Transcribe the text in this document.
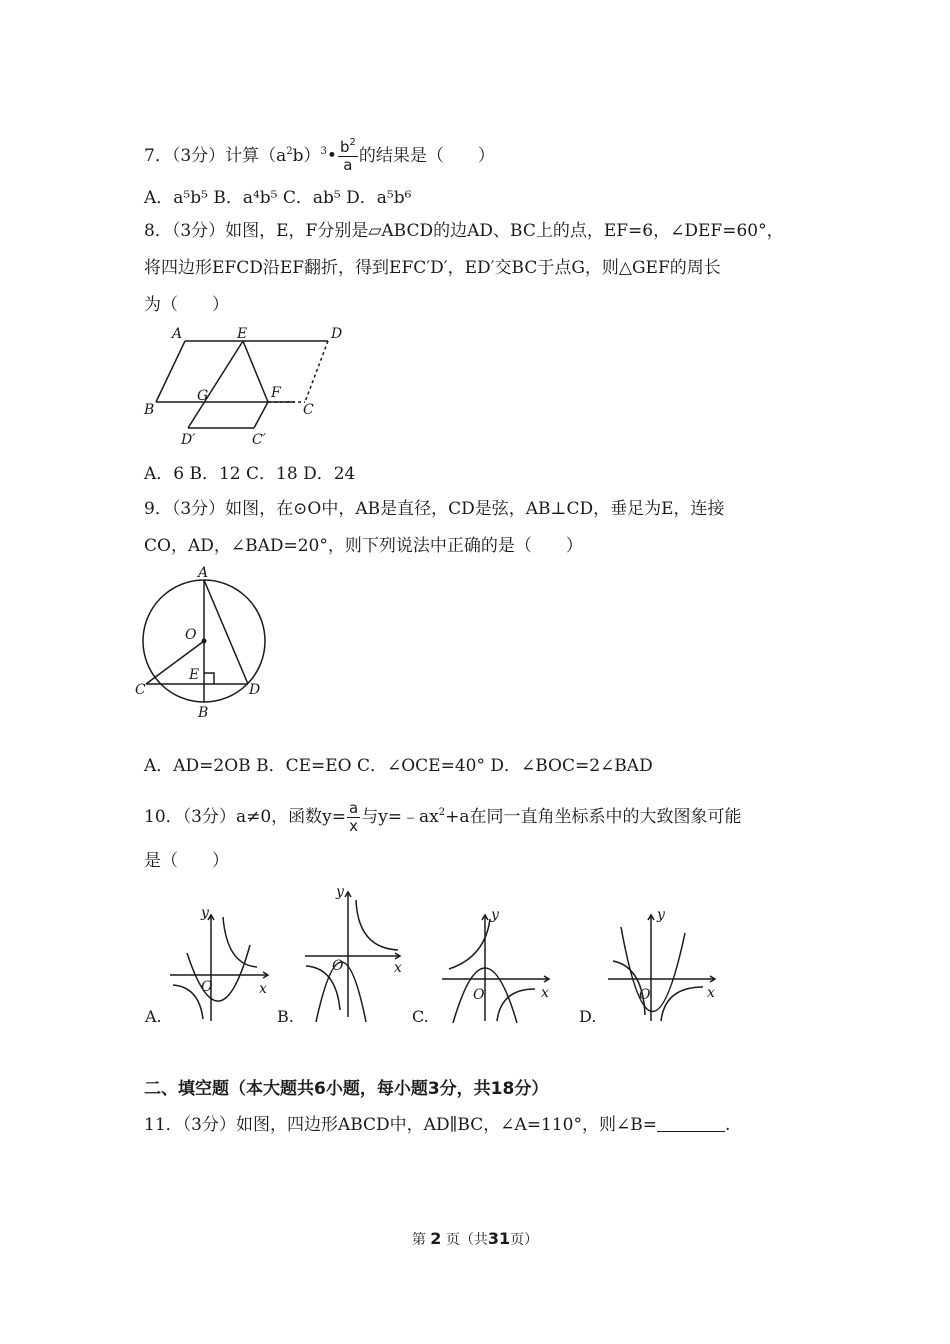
7．（3分）计算$(a^2b)^3• \frac{b^2}{a}$ 的结果是（　　）
A．a⁵b⁵ B．a⁴b⁵ C．ab⁵ D．a⁵b⁶
8．（3分）如图，E，F分别是▱ABCD的边AD、BC上的点，EF=6，∠DEF=60°，
将四边形EFCD沿EF翻折，得到EFC′D′，ED′交BC于点G，则△GEF的周长
为（　　）
A	E	D
G	F
B	C
D′	C′
A．6 B．12 C．18 D．24
9．（3分）如图，在⊙O中，AB是直径，CD是弦，AB⊥CD，垂足为E，连接
CO，AD，∠BAD=20°，则下列说法中正确的是（　　）
A
O
E
C	D
B
A．AD=2OB B．CE=EO C．∠OCE=40° D．∠BOC=2∠BAD
10．（3分）a≠0，函数$y= \frac{a}{x}$ 与$y=﹣ax^2+a$在同一直角坐标系中的大致图象可能
是（　　）
y
x
O
A.
y
x
O
B.
y
x
O
C.
y
x
O
D.
二、填空题（本大题共6小题，每小题3分，共18分）
11．（3分）如图，四边形ABCD中，AD∥BC，∠A=110°，则∠B=	.
第 2 页（共31页）
